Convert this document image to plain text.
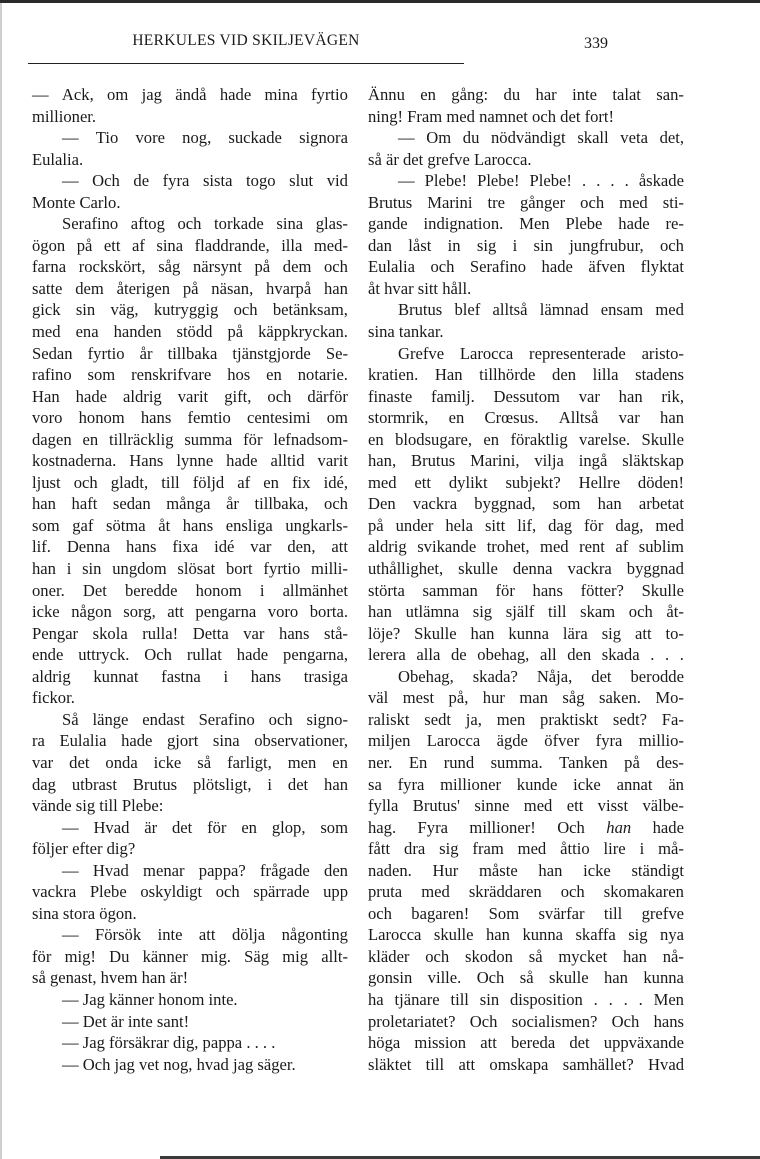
HERKULES VID SKILJEVÄGEN	339
— Ack, om jag ändå hade mina fyrtio
millioner.
— Tio vore nog, suckade signora
Eulalia.
— Och de fyra sista togo slut vid
Monte Carlo.
Serafino aftog och torkade sina glas-
ögon på ett af sina fladdrande, illa med-
farna rockskört, såg närsynt på dem och
satte dem återigen på näsan, hvarpå han
gick sin väg, kutryggig och betänksam,
med ena handen stödd på käppkryckan.
Sedan fyrtio år tillbaka tjänstgjorde Se-
rafino som renskrifvare hos en notarie.
Han hade aldrig varit gift, och därför
voro honom hans femtio centesimi om
dagen en tillräcklig summa för lefnadsom-
kostnaderna. Hans lynne hade alltid varit
ljust och gladt, till följd af en fix idé,
han haft sedan många år tillbaka, och
som gaf sötma åt hans ensliga ungkarls-
lif. Denna hans fixa idé var den, att
han i sin ungdom slösat bort fyrtio milli-
oner. Det beredde honom i allmänhet
icke någon sorg, att pengarna voro borta.
Pengar skola rulla! Detta var hans stå-
ende uttryck. Och rullat hade pengarna,
aldrig kunnat fastna i hans trasiga
fickor.
Så länge endast Serafino och signo-
ra Eulalia hade gjort sina observationer,
var det onda icke så farligt, men en
dag utbrast Brutus plötsligt, i det han
vände sig till Plebe:
— Hvad är det för en glop, som
följer efter dig?
— Hvad menar pappa? frågade den
vackra Plebe oskyldigt och spärrade upp
sina stora ögon.
— Försök inte att dölja någonting
för mig! Du känner mig. Säg mig allt-
så genast, hvem han är!
— Jag känner honom inte.
— Det är inte sant!
— Jag försäkrar dig, pappa . . . .
— Och jag vet nog, hvad jag säger.
Ännu en gång: du har inte talat san-
ning! Fram med namnet och det fort!
— Om du nödvändigt skall veta det,
så är det grefve Larocca.
— Plebe! Plebe! Plebe! . . . . åskade
Brutus Marini tre gånger och med sti-
gande indignation. Men Plebe hade re-
dan låst in sig i sin jungfrubur, och
Eulalia och Serafino hade äfven flyktat
åt hvar sitt håll.
Brutus blef alltså lämnad ensam med
sina tankar.
Grefve Larocca representerade aristo-
kratien. Han tillhörde den lilla stadens
finaste familj. Dessutom var han rik,
stormrik, en Crœsus. Alltså var han
en blodsugare, en föraktlig varelse. Skulle
han, Brutus Marini, vilja ingå släktskap
med ett dylikt subjekt? Hellre döden!
Den vackra byggnad, som han arbetat
på under hela sitt lif, dag för dag, med
aldrig svikande trohet, med rent af sublim
uthållighet, skulle denna vackra byggnad
störta samman för hans fötter? Skulle
han utlämna sig själf till skam och åt-
löje? Skulle han kunna lära sig att to-
lerera alla de obehag, all den skada . . .
Obehag, skada? Nåja, det berodde
väl mest på, hur man såg saken. Mo-
raliskt sedt ja, men praktiskt sedt? Fa-
miljen Larocca ägde öfver fyra millio-
ner. En rund summa. Tanken på des-
sa fyra millioner kunde icke annat än
fylla Brutus' sinne med ett visst välbe-
hag. Fyra millioner! Och han hade
fått dra sig fram med åttio lire i må-
naden. Hur måste han icke ständigt
pruta med skräddaren och skomakaren
och bagaren! Som svärfar till grefve
Larocca skulle han kunna skaffa sig nya
kläder och skodon så mycket han nå-
gonsin ville. Och så skulle han kunna
ha tjänare till sin disposition . . . . Men
proletariatet? Och socialismen? Och hans
höga mission att bereda det uppväxande
släktet till att omskapa samhället? Hvad
